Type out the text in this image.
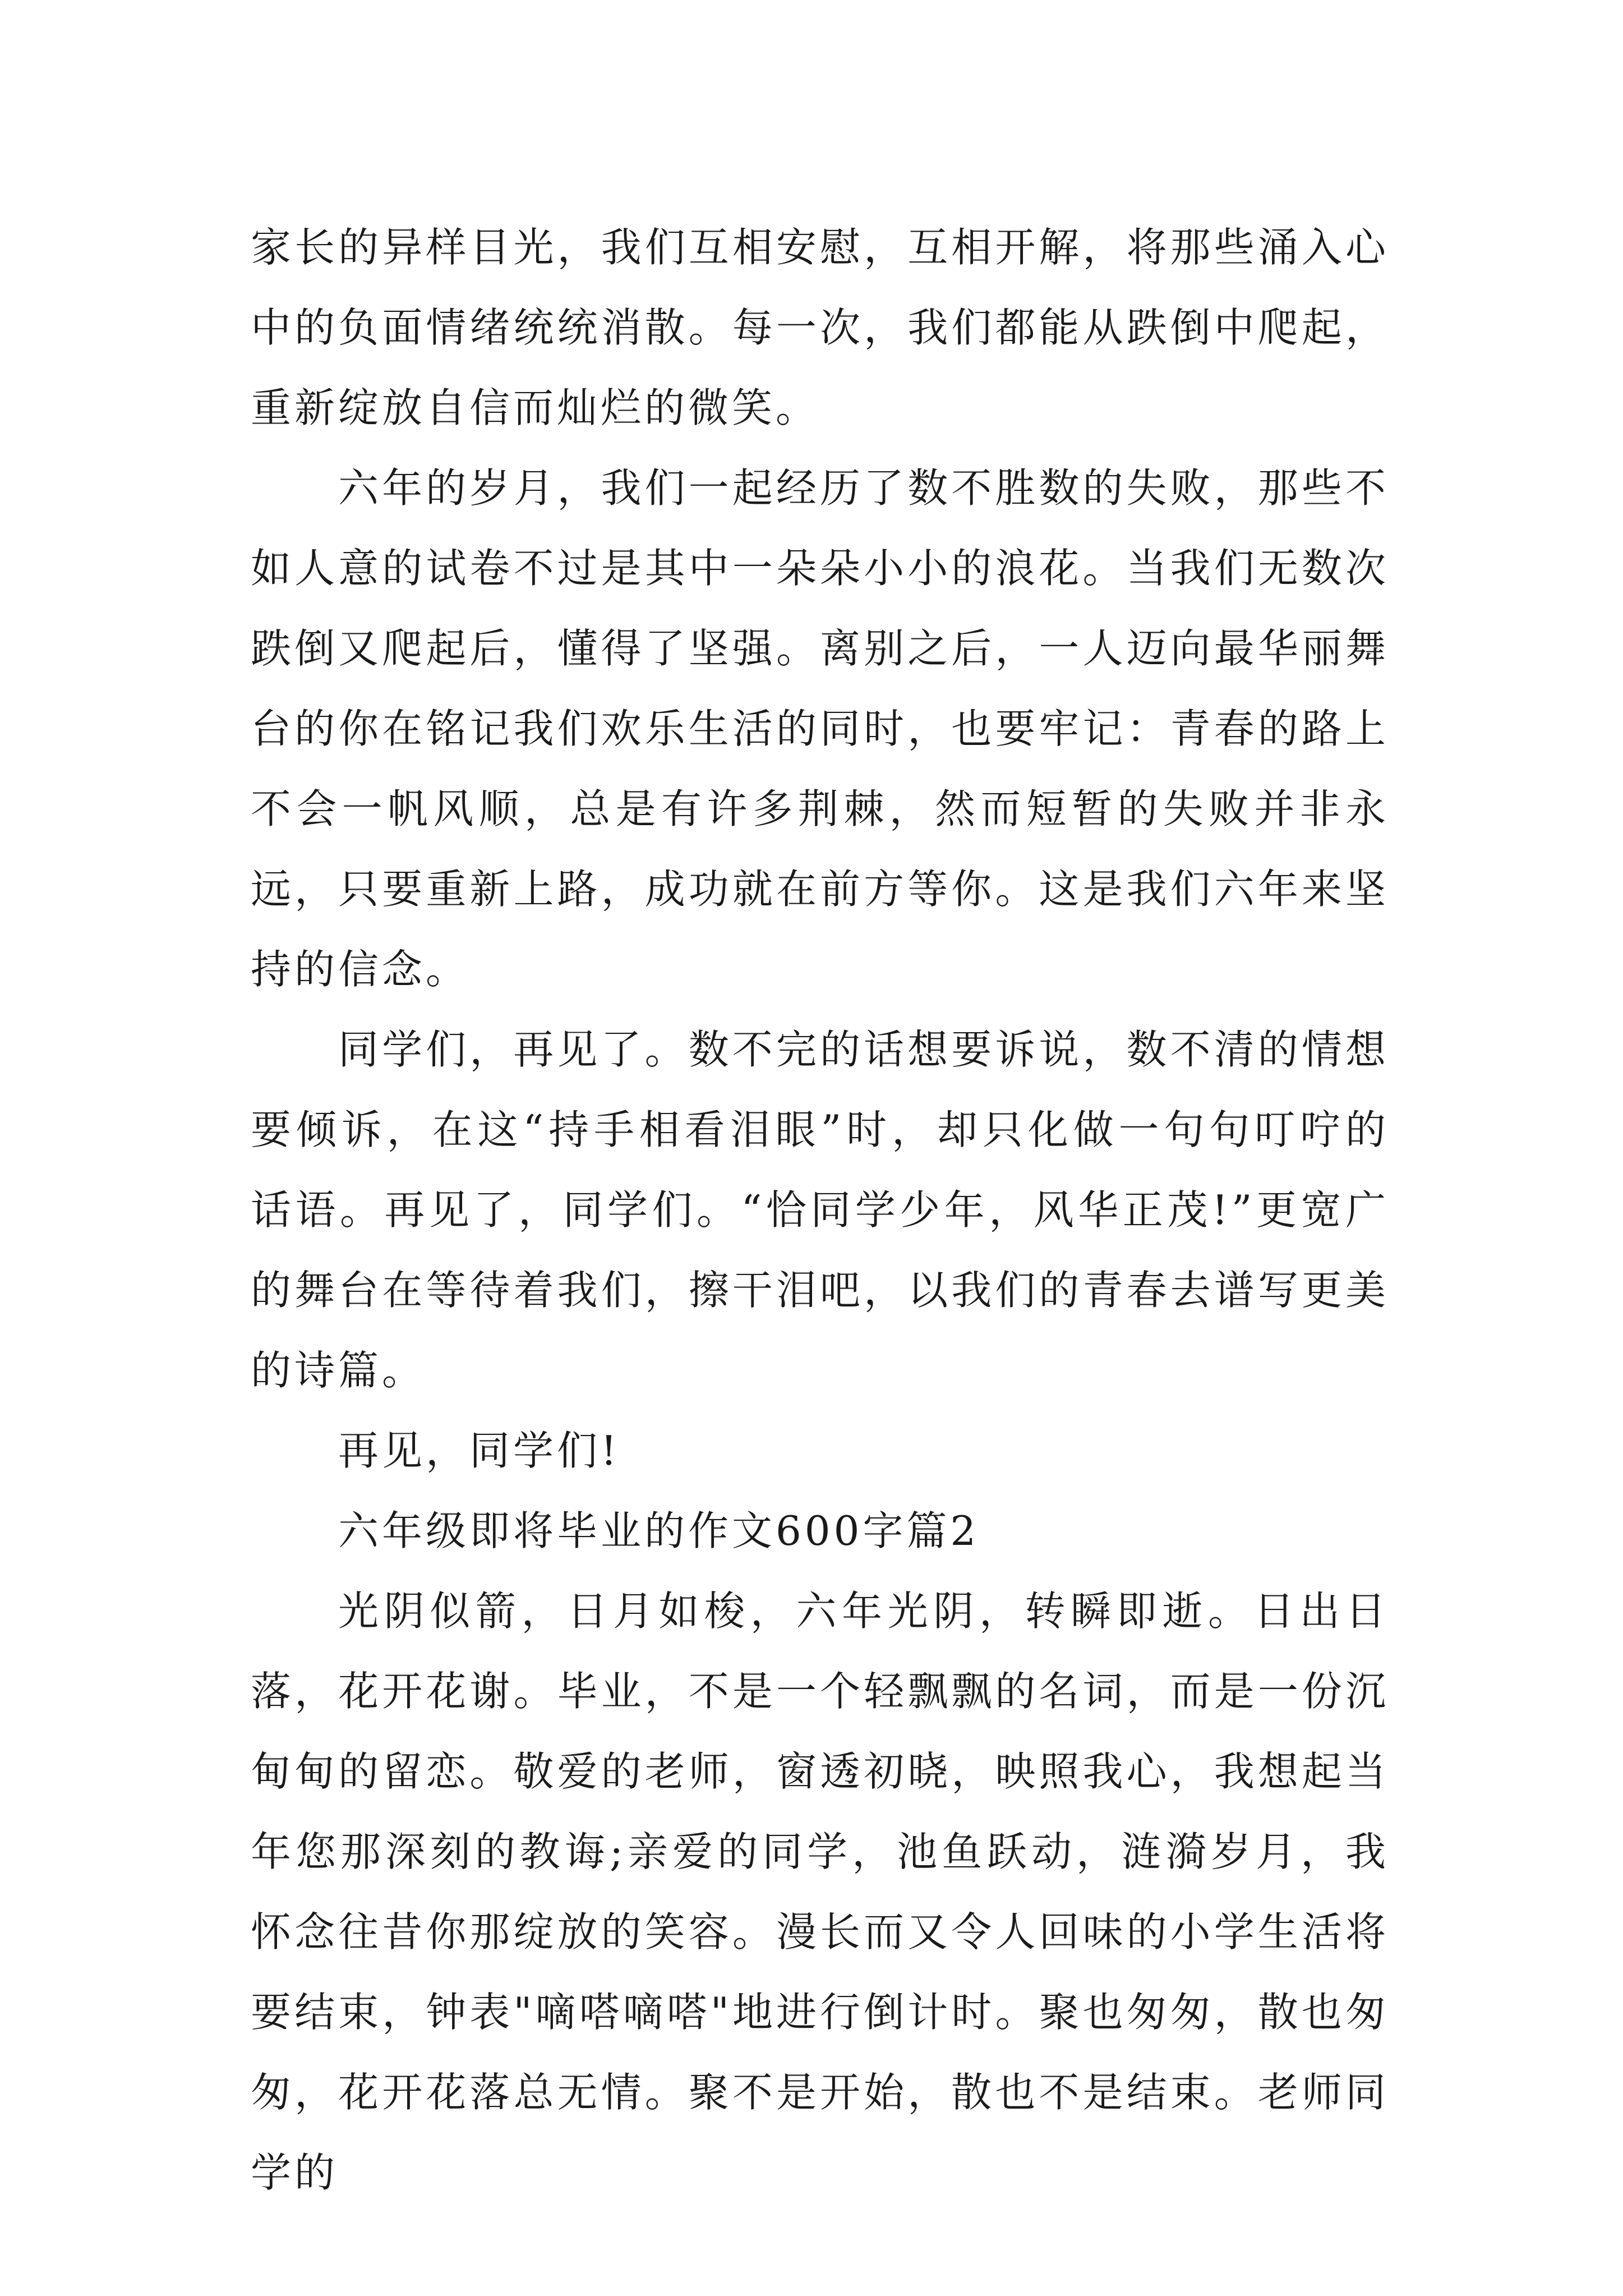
家长的异样目光，我们互相安慰，互相开解，将那些涌入心中的负面情绪统统消散。每一次，我们都能从跌倒中爬起，重新绽放自信而灿烂的微笑。

六年的岁月，我们一起经历了数不胜数的失败，那些不如人意的试卷不过是其中一朵朵小小的浪花。当我们无数次跌倒又爬起后，懂得了坚强。离别之后，一人迈向最华丽舞台的你在铭记我们欢乐生活的同时，也要牢记：青春的路上不会一帆风顺，总是有许多荆棘，然而短暂的失败并非永远，只要重新上路，成功就在前方等你。这是我们六年来坚持的信念。

同学们，再见了。数不完的话想要诉说，数不清的情想要倾诉，在这“持手相看泪眼”时，却只化做一句句叮咛的话语。再见了，同学们。“恰同学少年，风华正茂!”更宽广的舞台在等待着我们，擦干泪吧，以我们的青春去谱写更美的诗篇。

再见，同学们!

六年级即将毕业的作文600字篇2

光阴似箭，日月如梭，六年光阴，转瞬即逝。日出日落，花开花谢。毕业，不是一个轻飘飘的名词，而是一份沉甸甸的留恋。敬爱的老师，窗透初晓，映照我心，我想起当年您那深刻的教诲;亲爱的同学，池鱼跃动，涟漪岁月，我怀念往昔你那绽放的笑容。漫长而又令人回味的小学生活将要结束，钟表"嘀嗒嘀嗒"地进行倒计时。聚也匆匆，散也匆匆，花开花落总无情。聚不是开始，散也不是结束。老师同学的
